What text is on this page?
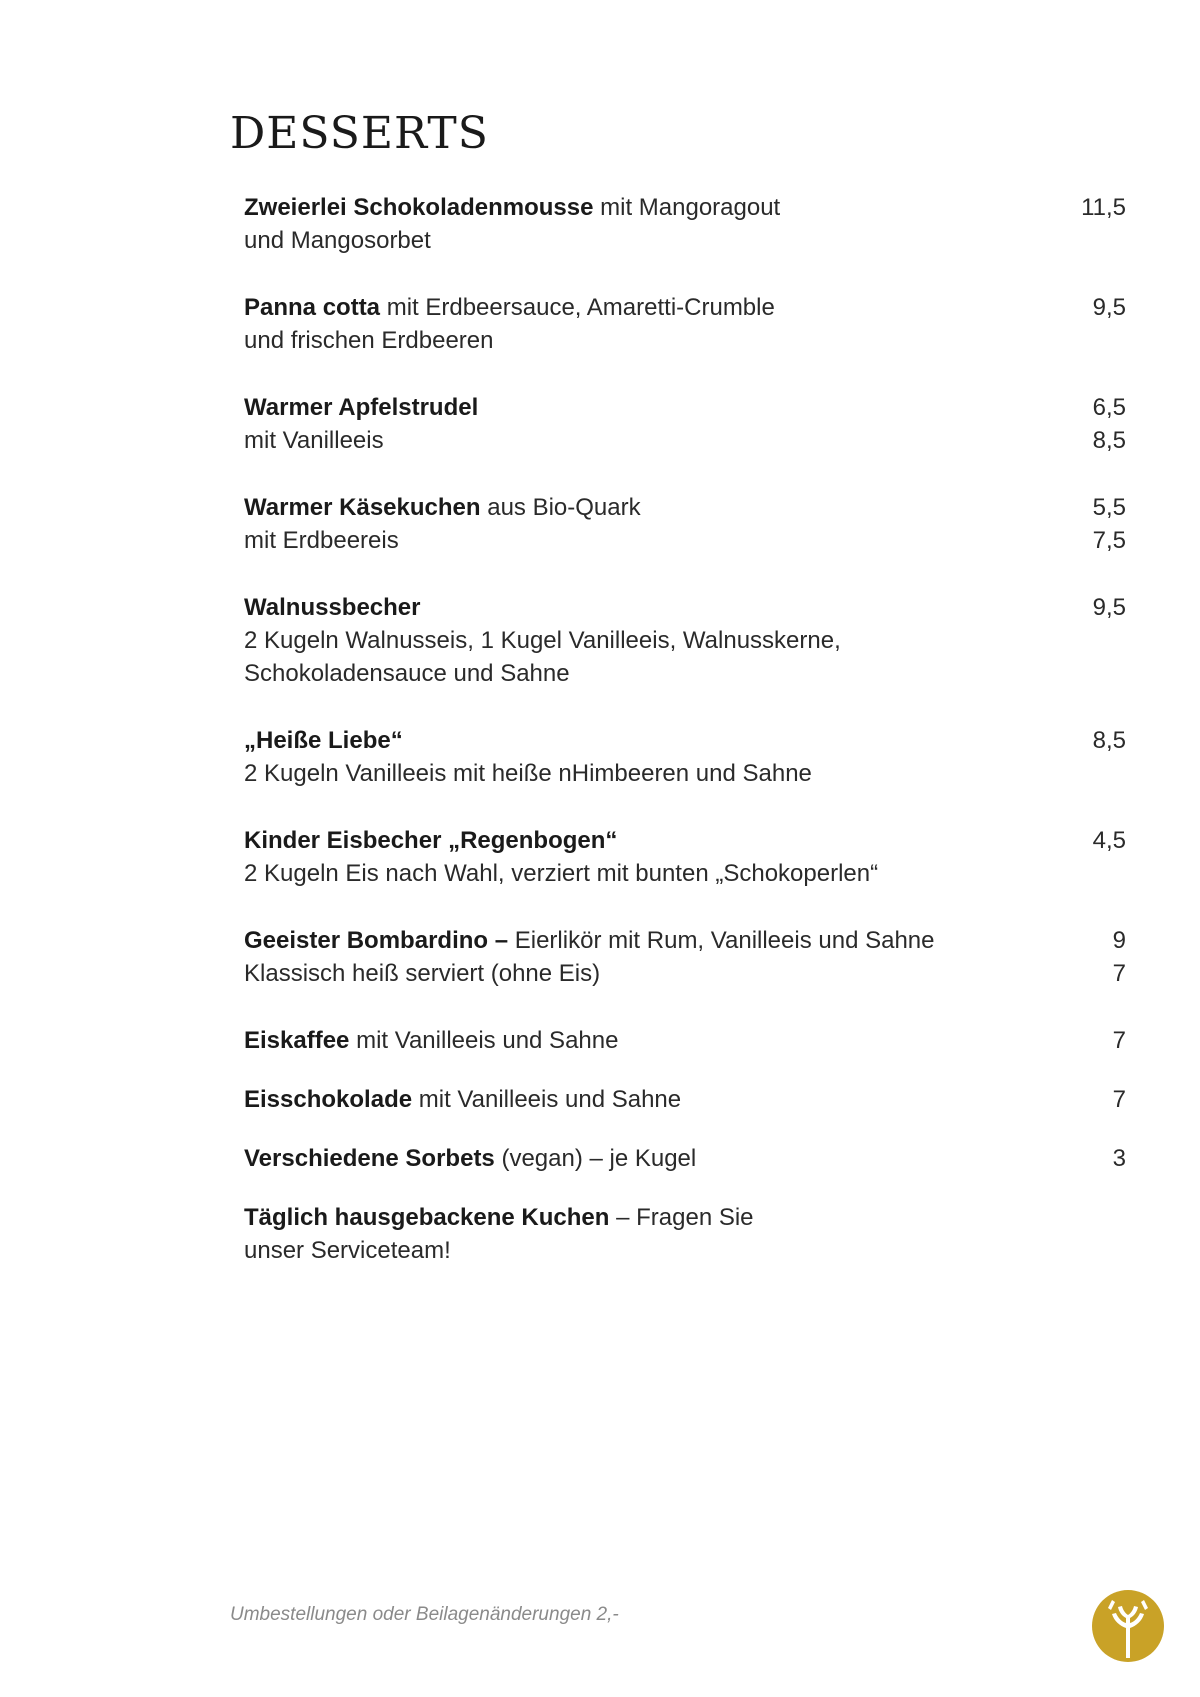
DESSERTS
Zweierlei Schokoladenmousse mit Mangoragout	11,5
und Mangosorbet
Panna cotta mit Erdbeersauce, Amaretti-Crumble	9,5
und frischen Erdbeeren
Warmer Apfelstrudel	6,5
mit Vanilleeis	8,5
Warmer Käsekuchen aus Bio-Quark	5,5
mit Erdbeereis	7,5
Walnussbecher	9,5
2 Kugeln Walnusseis, 1 Kugel Vanilleeis, Walnusskerne,
Schokoladensauce und Sahne
„Heiße Liebe“	8,5
2 Kugeln Vanilleeis mit heiße nHimbeeren und Sahne
Kinder Eisbecher „Regenbogen“	4,5
2 Kugeln Eis nach Wahl, verziert mit bunten „Schokoperlen“
Geeister Bombardino – Eierlikör mit Rum, Vanilleeis und Sahne	9
Klassisch heiß serviert (ohne Eis)	7
Eiskaffee mit Vanilleeis und Sahne	7
Eisschokolade mit Vanilleeis und Sahne	7
Verschiedene Sorbets (vegan) – je Kugel	3
Täglich hausgebackene Kuchen – Fragen Sie
unser Serviceteam!
Umbestellungen oder Beilagenänderungen 2,-
